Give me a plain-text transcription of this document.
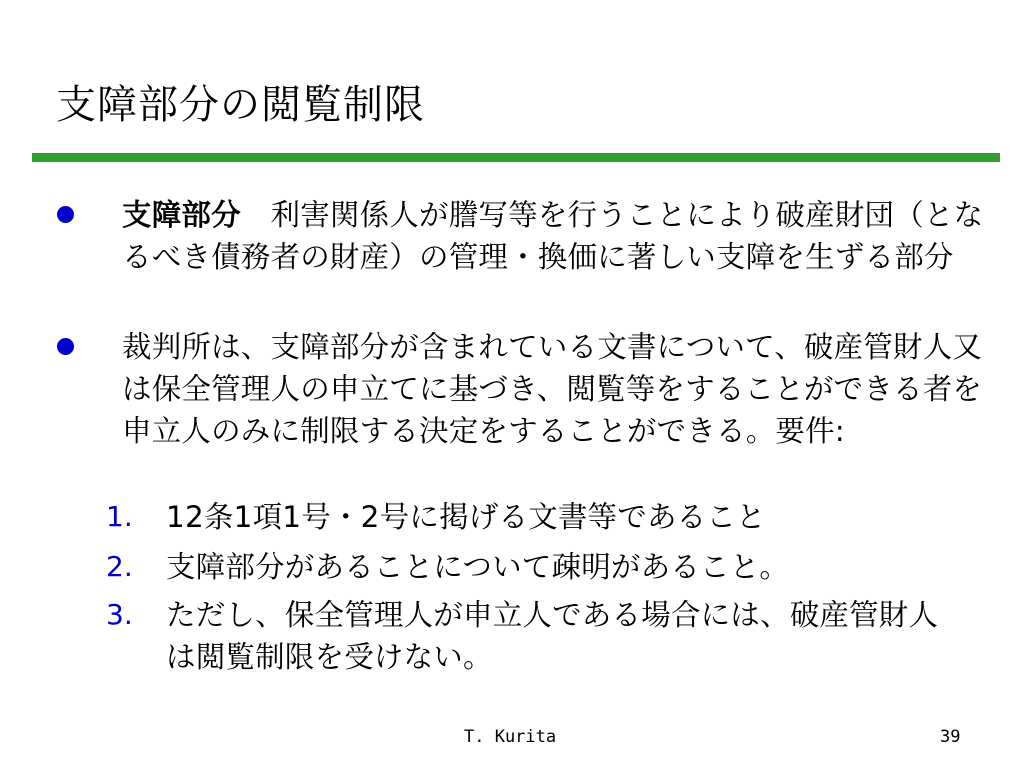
支障部分の閲覧制限
支障部分　利害関係人が謄写等を行うことにより破産財団（となるべき債務者の財産）の管理・換価に著しい支障を生ずる部分
裁判所は、支障部分が含まれている文書について、破産管財人又は保全管理人の申立てに基づき、閲覧等をすることができる者を申立人のみに制限する決定をすることができる。要件:
1. 12条1項1号・2号に掲げる文書等であること
2. 支障部分があることについて疎明があること。
3. ただし、保全管理人が申立人である場合には、破産管財人は閲覧制限を受けない。
T. Kurita	39
